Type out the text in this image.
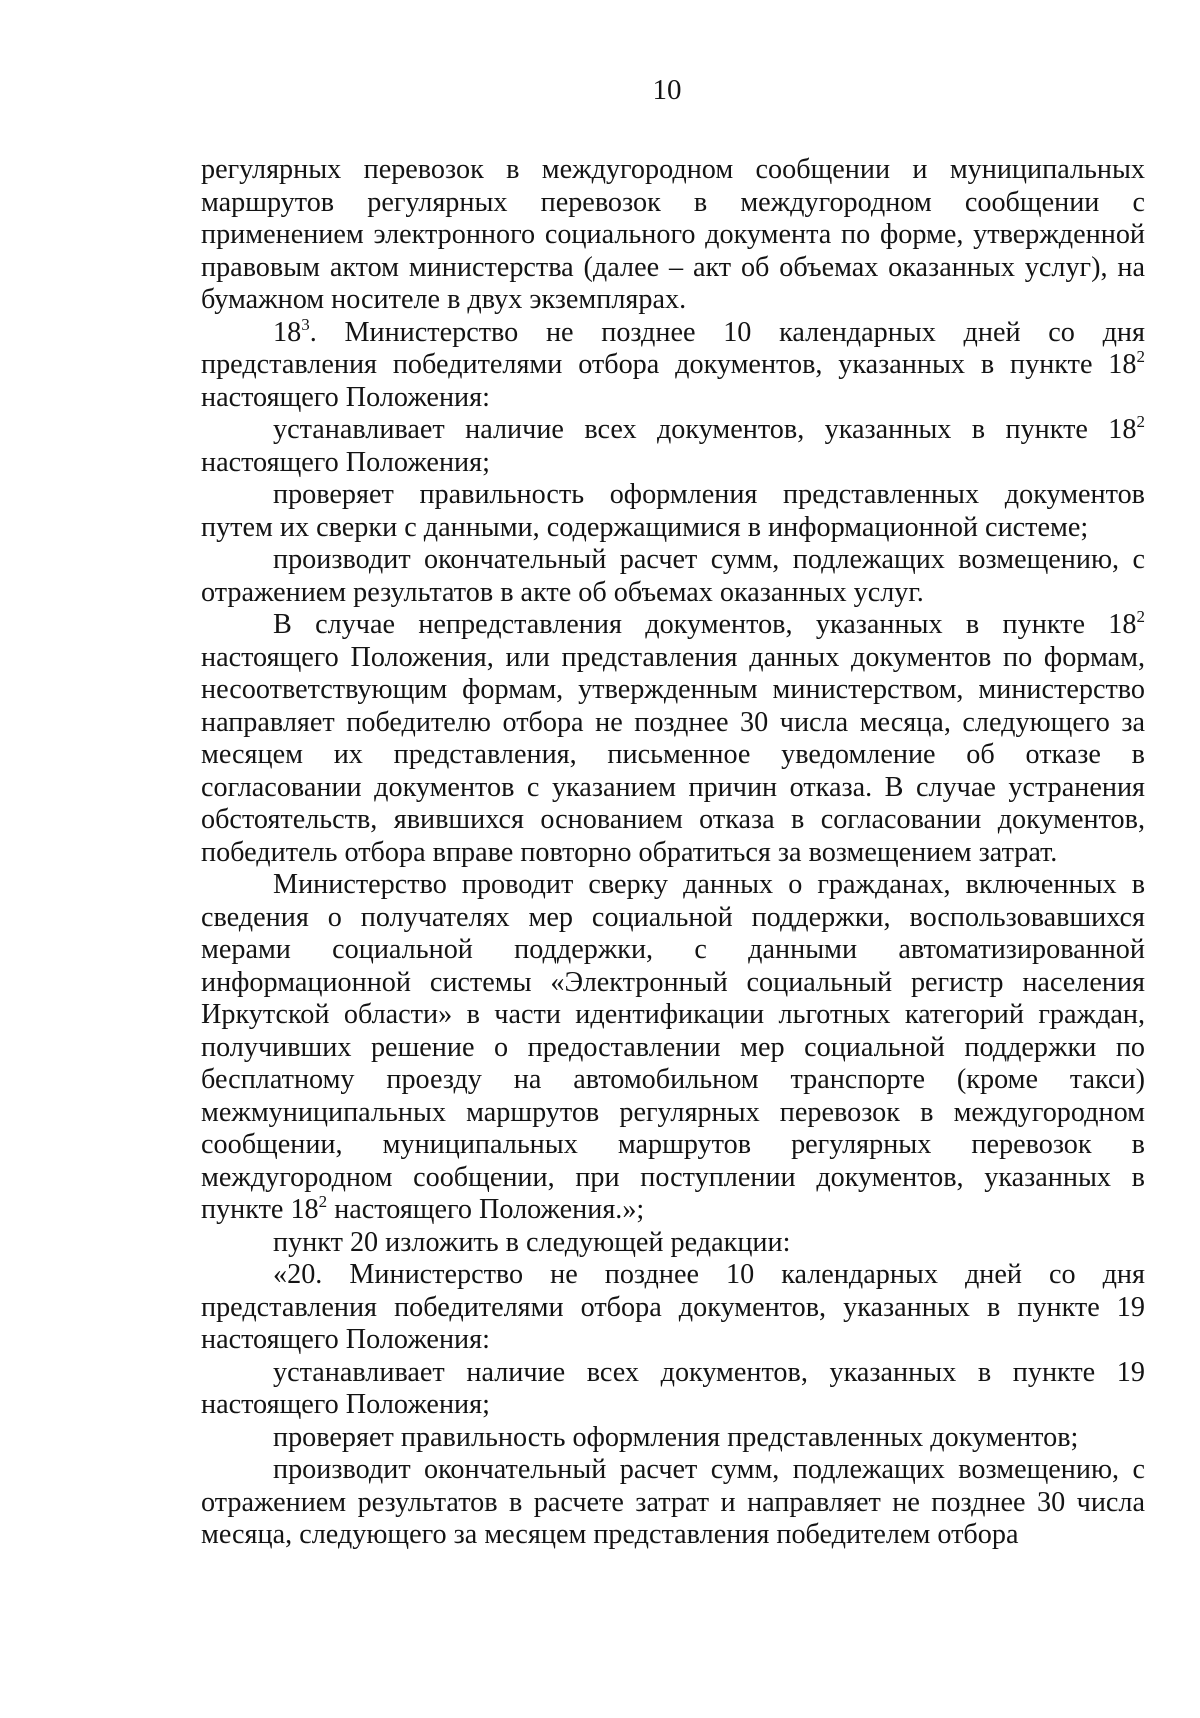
10

регулярных перевозок в междугородном сообщении и муниципальных маршрутов регулярных перевозок в междугородном сообщении с применением электронного социального документа по форме, утвержденной правовым актом министерства (далее – акт об объемах оказанных услуг), на бумажном носителе в двух экземплярах.

$18^3$. Министерство не позднее 10 календарных дней со дня представления победителями отбора документов, указанных в пункте $18^2$ настоящего Положения:

устанавливает наличие всех документов, указанных в пункте $18^2$ настоящего Положения;

проверяет правильность оформления представленных документов путем их сверки с данными, содержащимися в информационной системе;

производит окончательный расчет сумм, подлежащих возмещению, с отражением результатов в акте об объемах оказанных услуг.

В случае непредставления документов, указанных в пункте $18^2$ настоящего Положения, или представления данных документов по формам, несоответствующим формам, утвержденным министерством, министерство направляет победителю отбора не позднее 30 числа месяца, следующего за месяцем их представления, письменное уведомление об отказе в согласовании документов с указанием причин отказа. В случае устранения обстоятельств, явившихся основанием отказа в согласовании документов, победитель отбора вправе повторно обратиться за возмещением затрат.

Министерство проводит сверку данных о гражданах, включенных в сведения о получателях мер социальной поддержки, воспользовавшихся мерами социальной поддержки, с данными автоматизированной информационной системы «Электронный социальный регистр населения Иркутской области» в части идентификации льготных категорий граждан, получивших решение о предоставлении мер социальной поддержки по бесплатному проезду на автомобильном транспорте (кроме такси) межмуниципальных маршрутов регулярных перевозок в междугородном сообщении, муниципальных маршрутов регулярных перевозок в междугородном сообщении, при поступлении документов, указанных в пункте $18^2$ настоящего Положения.»;

пункт 20 изложить в следующей редакции:

«20. Министерство не позднее 10 календарных дней со дня представления победителями отбора документов, указанных в пункте 19 настоящего Положения:

устанавливает наличие всех документов, указанных в пункте 19 настоящего Положения;

проверяет правильность оформления представленных документов;

производит окончательный расчет сумм, подлежащих возмещению, с отражением результатов в расчете затрат и направляет не позднее 30 числа месяца, следующего за месяцем представления победителем отбора
